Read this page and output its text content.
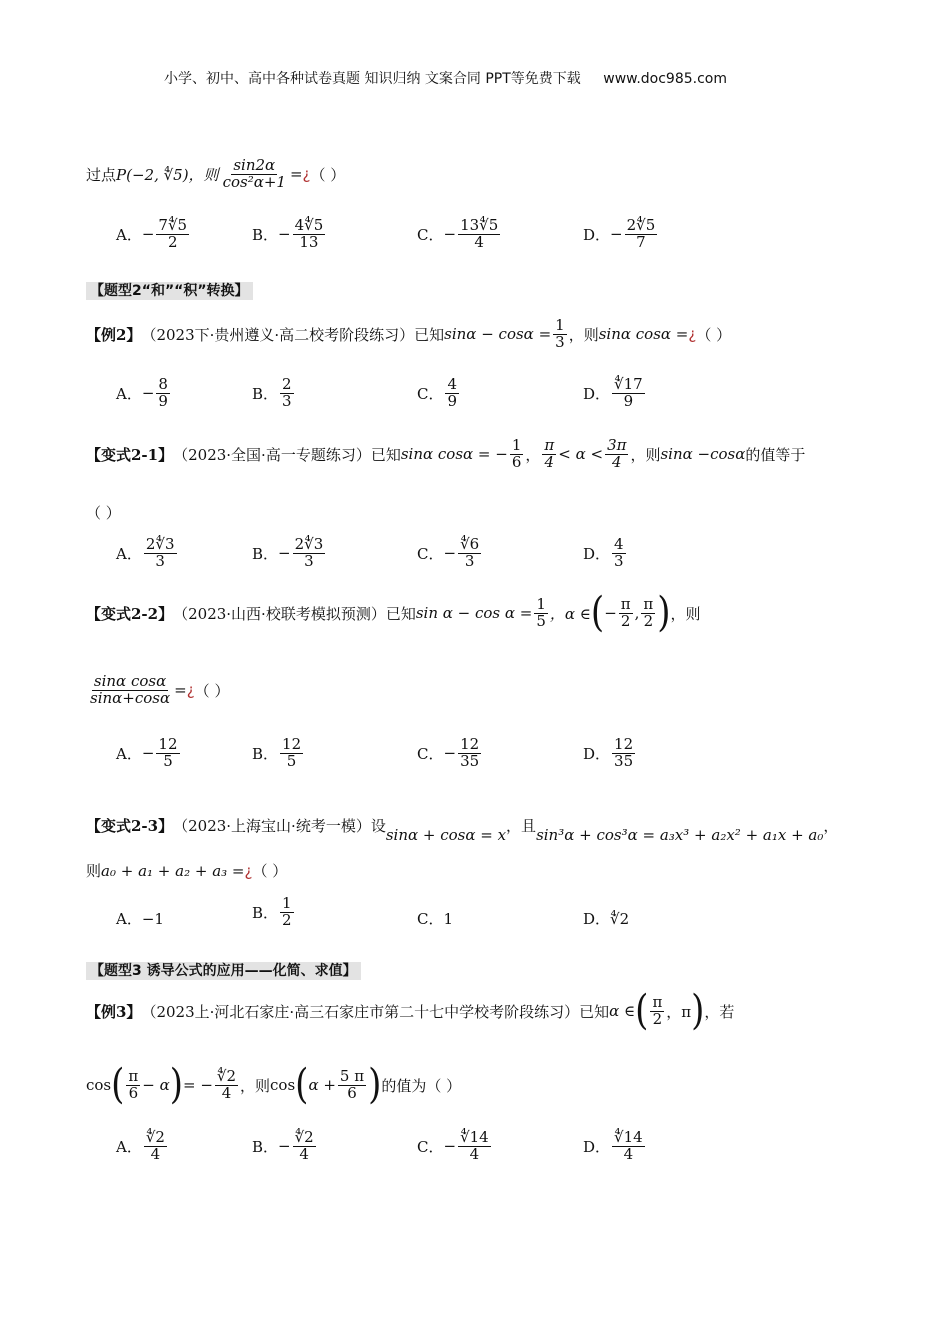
小学、初中、高中各种试卷真题 知识归纳 文案合同 PPT等免费下载 www.doc985.com
过点 P(−2, ∜5)，则 $\frac{\sin 2\alpha}{\text{cos²α+1}}$ = ¿ （ ）
A． − $\frac{7∜5}{2}$	B． − $\frac{4∜5}{13}$	C． − $\frac{13∜5}{4}$	D． − $\frac{2∜5}{7}$
【题型2“和”“积”转换】
【例2】 （2023下·贵州遵义·高二校考阶段练习）已知 $\sin\alpha - \cos\alpha = \frac{1}{3}$ ，则 sinα cosα = ¿ （ ）
A． − $\frac{8}{9}$	B． $\frac{2}{3}$	C． $\frac{4}{9}$	D． $\frac{∜17}{9}$
【变式2-1】 （2023·全国·高一专题练习）已知 sinα cosα = − $\frac{1}{6}$ ， $\frac{\pi}{4} < \alpha < \frac{3\pi}{4}$ ，则 sinα −cosα 的值等于
（ ）
A． $\frac{2∜3}{3}$	B． − $\frac{2∜3}{3}$	C． − $\frac{∜6}{3}$	D． $\frac{4}{3}$
【变式2-2】 （2023·山西·校联考模拟预测）已知 $\sin \alpha - \cos \alpha = \frac{1}{5}$ ，α ∈ ( − $\frac{\pi}{2}$ , $\frac{\pi}{2}$ ) ，则
$\frac{\text{sinα cosα}}{\sin\alpha+\cos\alpha}$ = ¿ （ ）
A． − $\frac{12}{5}$	B． $\frac{12}{5}$	C． − $\frac{12}{35}$	D． $\frac{12}{35}$
【变式2-3】 （2023·上海宝山·统考一模）设
sinα + cosα = x
，且
sin³α + cos³α = a₃x³ + a₂x² + a₁x + a₀
，
则 a₀ + a₁ + a₂ + a₃ = ¿ （ ）
A． −1	B． $\frac{1}{2}$	C． 1	D． ∜2
【题型3 诱导公式的应用——化简、求值】
【例3】 （2023上·河北石家庄·高三石家庄市第二十七中学校考阶段练习）已知 α ∈ ( $\frac{\pi}{2}$ ，π ) ，若
cos ( $\frac{\pi}{6} - \alpha$ ) = − $\frac{∜2}{4}$ ，则 cos ( $\alpha + \frac{5 \pi}{6}$ ) 的值为 （ ）
A． $\frac{∜2}{4}$	B． − $\frac{∜2}{4}$	C． − $\frac{∜14}{4}$	D． $\frac{∜14}{4}$
